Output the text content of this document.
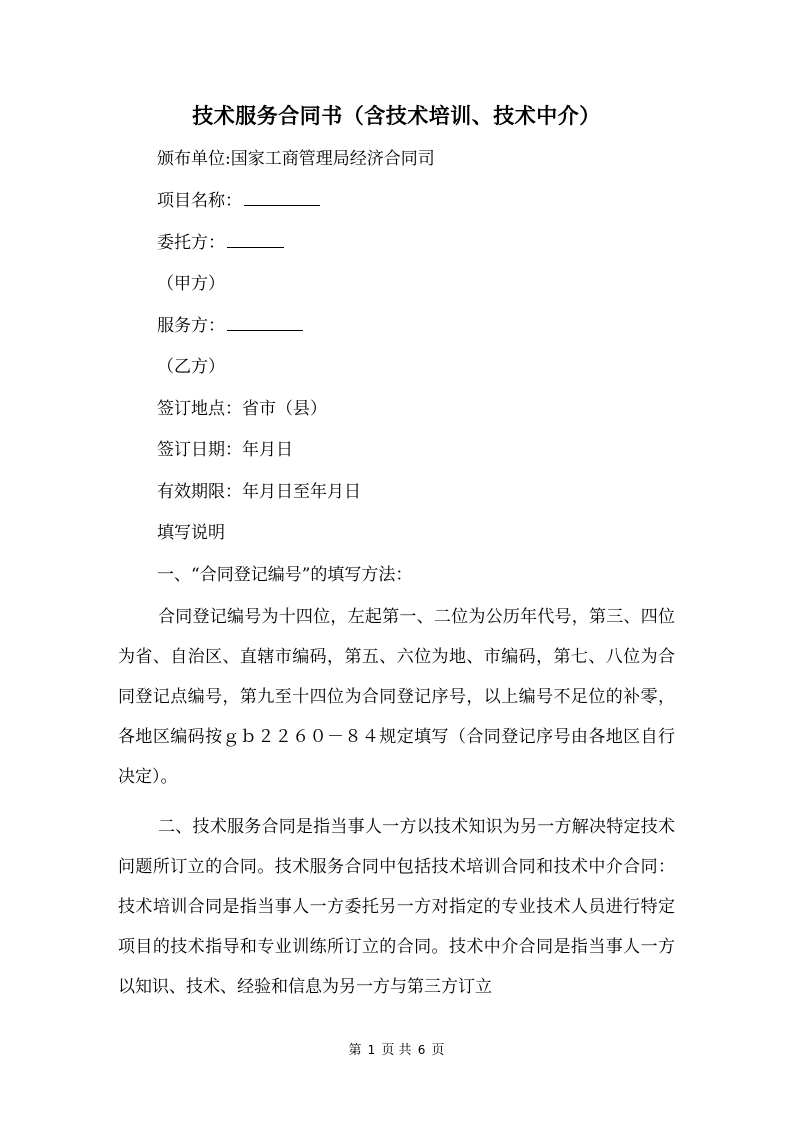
技术服务合同书（含技术培训、技术中介）
颁布单位:国家工商管理局经济合同司
项目名称：
委托方：
（甲方）
服务方：
（乙方）
签订地点：省市（县）
签订日期：年月日
有效期限：年月日至年月日
填写说明
一、“合同登记编号”的填写方法：
合同登记编号为十四位，左起第一、二位为公历年代号，第三、四位为省、自治区、直辖市编码，第五、六位为地、市编码，第七、八位为合同登记点编号，第九至十四位为合同登记序号，以上编号不足位的补零，各地区编码按ｇｂ２２６０－８４规定填写（合同登记序号由各地区自行决定）。
二、技术服务合同是指当事人一方以技术知识为另一方解决特定技术问题所订立的合同。技术服务合同中包括技术培训合同和技术中介合同：技术培训合同是指当事人一方委托另一方对指定的专业技术人员进行特定项目的技术指导和专业训练所订立的合同。技术中介合同是指当事人一方以知识、技术、经验和信息为另一方与第三方订立
第 1 页 共 6 页
